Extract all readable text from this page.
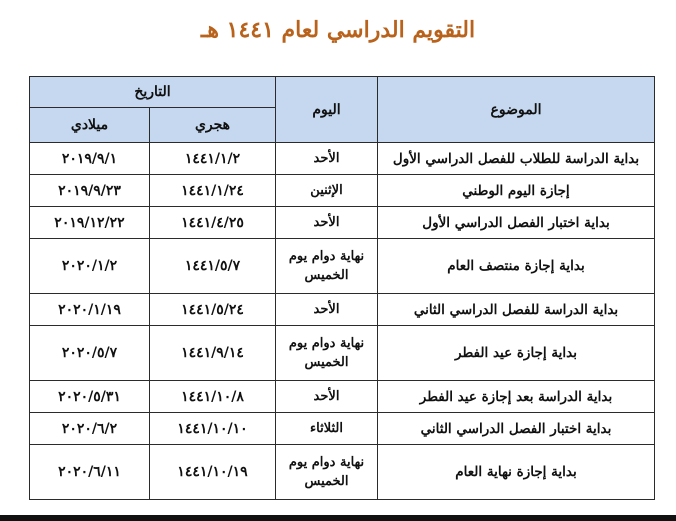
التقويم الدراسي لعام ١٤٤١ هـ
الموضوع	اليوم	التاريخ	
		هجري	ميلادي
بداية الدراسة للطلاب للفصل الدراسي الأول	الأحد	١٤٤١/١/٢	٢٠١٩/٩/١
إجازة اليوم الوطني	الإثنين	١٤٤١/١/٢٤	٢٠١٩/٩/٢٣
بداية اختبار الفصل الدراسي الأول	الأحد	١٤٤١/٤/٢٥	٢٠١٩/١٢/٢٢
بداية إجازة منتصف العام	نهاية دوام يوم الخميس	١٤٤١/٥/٧	٢٠٢٠/١/٢
بداية الدراسة للفصل الدراسي الثاني	الأحد	١٤٤١/٥/٢٤	٢٠٢٠/١/١٩
بداية إجازة عيد الفطر	نهاية دوام يوم الخميس	١٤٤١/٩/١٤	٢٠٢٠/٥/٧
بداية الدراسة بعد إجازة عيد الفطر	الأحد	١٤٤١/١٠/٨	٢٠٢٠/٥/٣١
بداية اختبار الفصل الدراسي الثاني	الثلاثاء	١٤٤١/١٠/١٠	٢٠٢٠/٦/٢
بداية إجازة نهاية العام	نهاية دوام يوم الخميس	١٤٤١/١٠/١٩	٢٠٢٠/٦/١١
